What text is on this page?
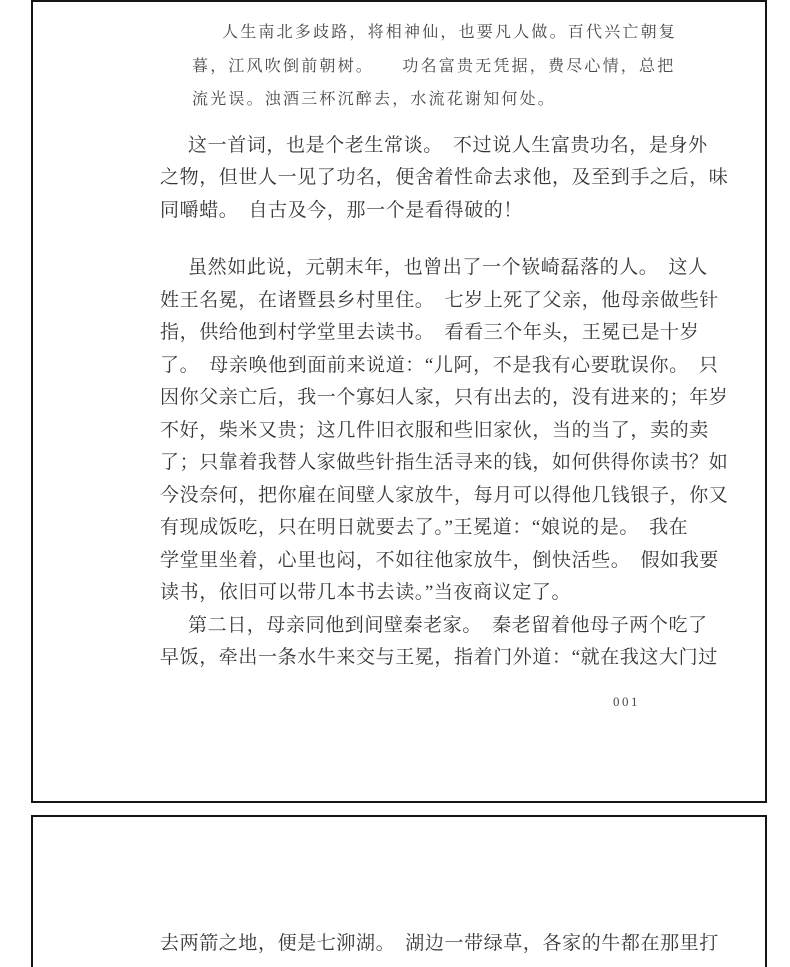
人生南北多歧路，将相神仙，也要凡人做。百代兴亡朝复
暮，江风吹倒前朝树。　　功名富贵无凭据，费尽心情，总把
流光误。浊酒三杯沉醉去，水流花谢知何处。
这一首词，也是个老生常谈。　不过说人生富贵功名，是身外
之物，但世人一见了功名，便舍着性命去求他，及至到手之后，味
同嚼蜡。　自古及今，那一个是看得破的！
虽然如此说，元朝末年，也曾出了一个嵚崎磊落的人。　这人
姓王名冕，在诸暨县乡村里住。　七岁上死了父亲，他母亲做些针
指，供给他到村学堂里去读书。　看看三个年头，王冕已是十岁
了。　母亲唤他到面前来说道：“儿阿，不是我有心要耽误你。　只
因你父亲亡后，我一个寡妇人家，只有出去的，没有进来的；年岁
不好，柴米又贵；这几件旧衣服和些旧家伙，当的当了，卖的卖
了；只靠着我替人家做些针指生活寻来的钱，如何供得你读书？如
今没奈何，把你雇在间壁人家放牛，每月可以得他几钱银子，你又
有现成饭吃，只在明日就要去了。”王冕道：“娘说的是。　我在
学堂里坐着，心里也闷，不如往他家放牛，倒快活些。　假如我要
读书，依旧可以带几本书去读。”当夜商议定了。
第二日，母亲同他到间壁秦老家。　秦老留着他母子两个吃了
早饭，牵出一条水牛来交与王冕，指着门外道：“就在我这大门过
001
去两箭之地，便是七泖湖。　湖边一带绿草，各家的牛都在那里打
